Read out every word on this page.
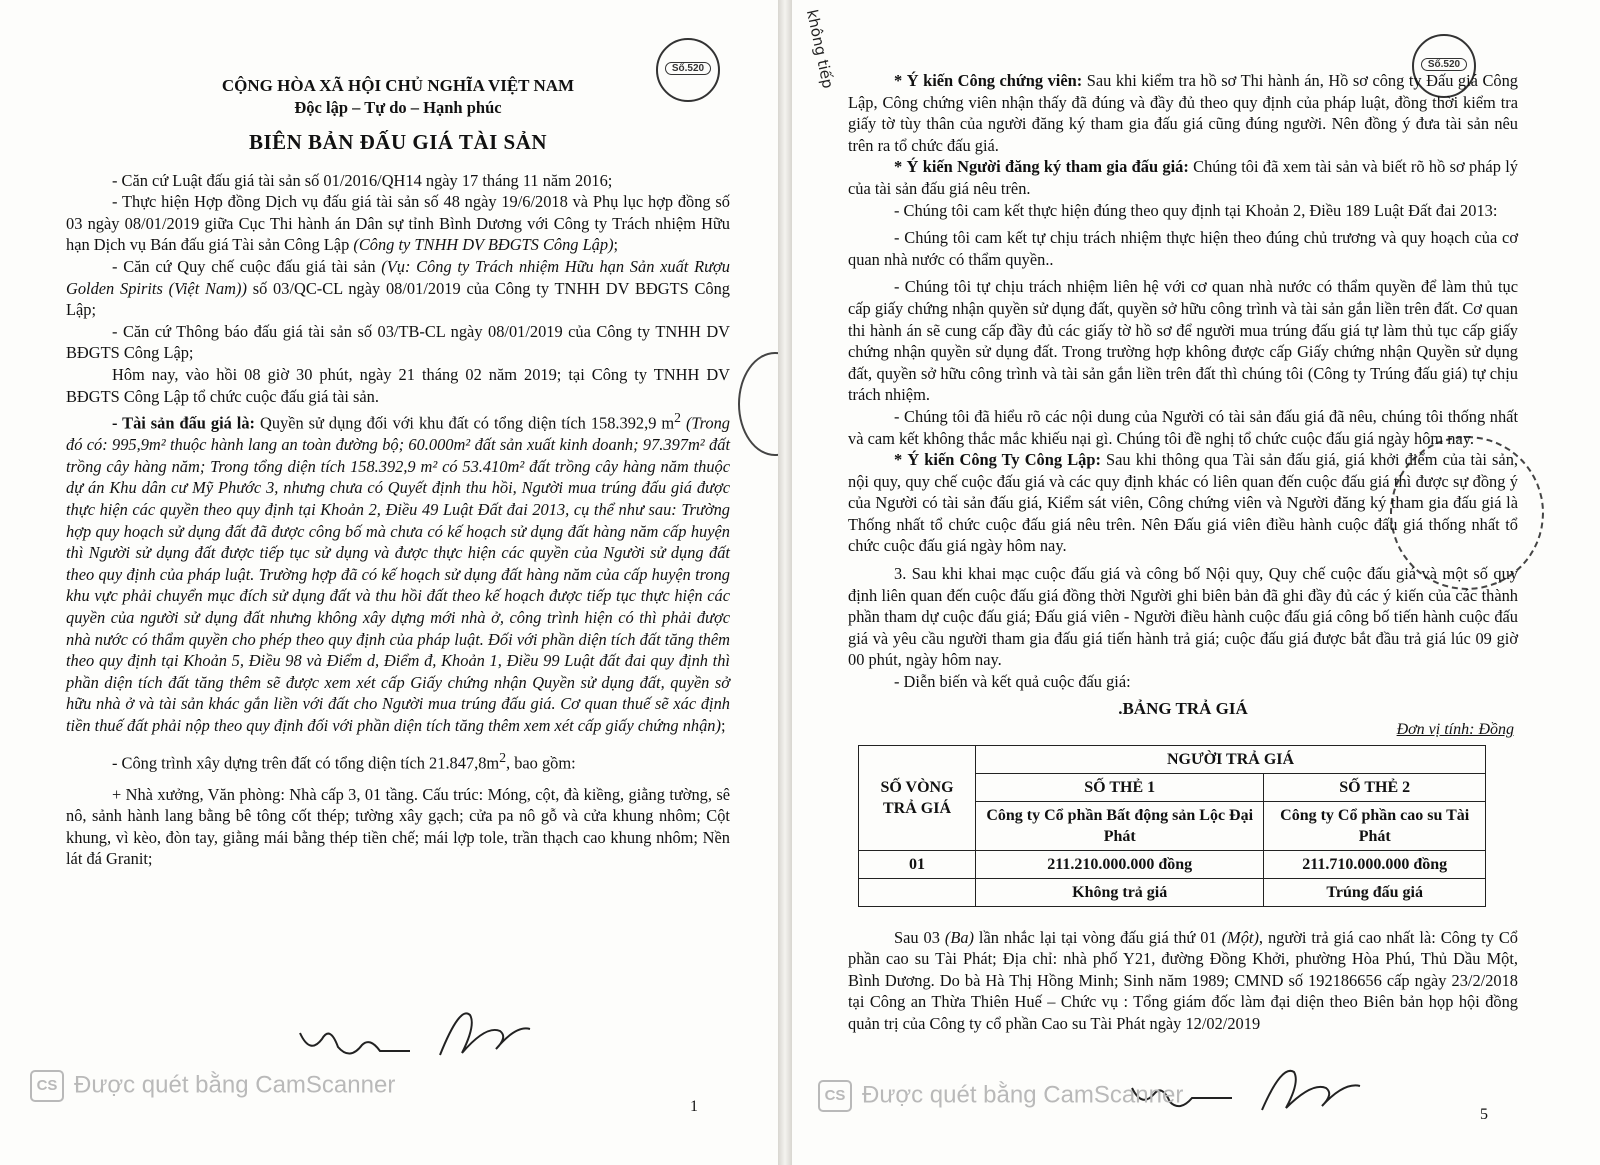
Số.520

CỘNG HÒA XÃ HỘI CHỦ NGHĨA VIỆT NAM

Độc lập – Tự do – Hạnh phúc

BIÊN BẢN ĐẤU GIÁ TÀI SẢN

- Căn cứ Luật đấu giá tài sản số 01/2016/QH14 ngày 17 tháng 11 năm 2016;

- Thực hiện Hợp đồng Dịch vụ đấu giá tài sản số 48 ngày 19/6/2018 và Phụ lục hợp đồng số 03 ngày 08/01/2019 giữa Cục Thi hành án Dân sự tỉnh Bình Dương với Công ty Trách nhiệm Hữu hạn Dịch vụ Bán đấu giá Tài sản Công Lập (Công ty TNHH DV BĐGTS Công Lập);

- Căn cứ Quy chế cuộc đấu giá tài sản (Vụ: Công ty Trách nhiệm Hữu hạn Sản xuất Rượu Golden Spirits (Việt Nam)) số 03/QC-CL ngày 08/01/2019 của Công ty TNHH DV BĐGTS Công Lập;

- Căn cứ Thông báo đấu giá tài sản số 03/TB-CL ngày 08/01/2019 của Công ty TNHH DV BĐGTS Công Lập;

Hôm nay, vào hồi 08 giờ 30 phút, ngày 21 tháng 02 năm 2019; tại Công ty TNHH DV BĐGTS Công Lập tổ chức cuộc đấu giá tài sản.

- Tài sản đấu giá là: Quyền sử dụng đối với khu đất có tổng diện tích 158.392,9 $m^2$ (Trong đó có: 995,9m² thuộc hành lang an toàn đường bộ; 60.000m² đất sản xuất kinh doanh; 97.397m² đất trồng cây hàng năm; Trong tổng diện tích 158.392,9 m² có 53.410m² đất trồng cây hàng năm thuộc dự án Khu dân cư Mỹ Phước 3, nhưng chưa có Quyết định thu hồi, Người mua trúng đấu giá được thực hiện các quyền theo quy định tại Khoản 2, Điều 49 Luật Đất đai 2013, cụ thể như sau: Trường hợp quy hoạch sử dụng đất đã được công bố mà chưa có kế hoạch sử dụng đất hàng năm cấp huyện thì Người sử dụng đất được tiếp tục sử dụng và được thực hiện các quyền của Người sử dụng đất theo quy định của pháp luật. Trường hợp đã có kế hoạch sử dụng đất hàng năm của cấp huyện trong khu vực phải chuyển mục đích sử dụng đất và thu hồi đất theo kế hoạch được tiếp tục thực hiện các quyền của người sử dụng đất nhưng không xây dựng mới nhà ở, công trình hiện có thì phải được nhà nước có thẩm quyền cho phép theo quy định của pháp luật. Đối với phần diện tích đất tăng thêm theo quy định tại Khoản 5, Điều 98 và Điểm d, Điểm đ, Khoản 1, Điều 99 Luật đất đai quy định thì phần diện tích đất tăng thêm sẽ được xem xét cấp Giấy chứng nhận Quyền sử dụng đất, quyền sở hữu nhà ở và tài sản khác gắn liền với đất cho Người mua trúng đấu giá. Cơ quan thuế sẽ xác định tiền thuế đất phải nộp theo quy định đối với phần diện tích tăng thêm xem xét cấp giấy chứng nhận);

- Công trình xây dựng trên đất có tổng diện tích $21.847,8m^2$, bao gồm:

+ Nhà xưởng, Văn phòng: Nhà cấp 3, 01 tầng. Cấu trúc: Móng, cột, đà kiềng, giằng tường, sê nô, sảnh hành lang bằng bê tông cốt thép; tường xây gạch; cửa pa nô gỗ và cửa khung nhôm; Cột khung, vì kèo, đòn tay, giằng mái bằng thép tiền chế; mái lợp tole, trần thạch cao khung nhôm; Nền lát đá Granit;

CS Được quét bằng CamScanner
1
không tiếp	Số.520

* Ý kiến Công chứng viên: Sau khi kiểm tra hồ sơ Thi hành án, Hồ sơ công ty Đấu giá Công Lập, Công chứng viên nhận thấy đã đúng và đầy đủ theo quy định của pháp luật, đồng thời kiểm tra giấy tờ tùy thân của người đăng ký tham gia đấu giá cũng đúng người. Nên đồng ý đưa tài sản nêu trên ra tổ chức đấu giá.

* Ý kiến Người đăng ký tham gia đấu giá: Chúng tôi đã xem tài sản và biết rõ hồ sơ pháp lý của tài sản đấu giá nêu trên.

- Chúng tôi cam kết thực hiện đúng theo quy định tại Khoản 2, Điều 189 Luật Đất đai 2013:

- Chúng tôi cam kết tự chịu trách nhiệm thực hiện theo đúng chủ trương và quy hoạch của cơ quan nhà nước có thẩm quyền..

- Chúng tôi tự chịu trách nhiệm liên hệ với cơ quan nhà nước có thẩm quyền để làm thủ tục cấp giấy chứng nhận quyền sử dụng đất, quyền sở hữu công trình và tài sản gắn liền trên đất. Cơ quan thi hành án sẽ cung cấp đầy đủ các giấy tờ hồ sơ để người mua trúng đấu giá tự làm thủ tục cấp giấy chứng nhận quyền sử dụng đất. Trong trường hợp không được cấp Giấy chứng nhận Quyền sử dụng đất, quyền sở hữu công trình và tài sản gắn liền trên đất thì chúng tôi (Công ty Trúng đấu giá) tự chịu trách nhiệm.

- Chúng tôi đã hiểu rõ các nội dung của Người có tài sản đấu giá đã nêu, chúng tôi thống nhất và cam kết không thắc mắc khiếu nại gì. Chúng tôi đề nghị tổ chức cuộc đấu giá ngày hôm nay.

* Ý kiến Công Ty Công Lập: Sau khi thông qua Tài sản đấu giá, giá khởi điểm của tài sản, nội quy, quy chế cuộc đấu giá và các quy định khác có liên quan đến cuộc đấu giá thì được sự đồng ý của Người có tài sản đấu giá, Kiểm sát viên, Công chứng viên và Người đăng ký tham gia đấu giá là Thống nhất tổ chức cuộc đấu giá nêu trên. Nên Đấu giá viên điều hành cuộc đấu giá thống nhất tổ chức cuộc đấu giá ngày hôm nay.

3. Sau khi khai mạc cuộc đấu giá và công bố Nội quy, Quy chế cuộc đấu giá và một số quy định liên quan đến cuộc đấu giá đồng thời Người ghi biên bản đã ghi đầy đủ các ý kiến của các thành phần tham dự cuộc đấu giá; Đấu giá viên - Người điều hành cuộc đấu giá công bố tiến hành cuộc đấu giá và yêu cầu người tham gia đấu giá tiến hành trả giá; cuộc đấu giá được bắt đầu trả giá lúc 09 giờ 00 phút, ngày hôm nay.

- Diễn biến và kết quả cuộc đấu giá:

.BẢNG TRẢ GIÁ
Đơn vị tính: Đồng
SỐ VÒNG TRẢ GIÁ	NGƯỜI TRẢ GIÁ	
	SỐ THẺ 1	SỐ THẺ 2
	Công ty Cổ phần Bất động sản Lộc Đại Phát	Công ty Cổ phần cao su Tài Phát
01	211.210.000.000 đồng	211.710.000.000 đồng
	Không trả giá	Trúng đấu giá

Sau 03 (Ba) lần nhắc lại tại vòng đấu giá thứ 01 (Một), người trả giá cao nhất là: Công ty Cổ phần cao su Tài Phát; Địa chỉ: nhà phố Y21, đường Đồng Khởi, phường Hòa Phú, Thủ Dầu Một, Bình Dương. Do bà Hà Thị Hồng Minh; Sinh năm 1989; CMND số 192186656 cấp ngày 23/2/2018 tại Công an Thừa Thiên Huế – Chức vụ : Tổng giám đốc làm đại diện theo Biên bản họp hội đồng quản trị của Công ty cổ phần Cao su Tài Phát ngày 12/02/2019

CS Được quét bằng CamScanner
5
